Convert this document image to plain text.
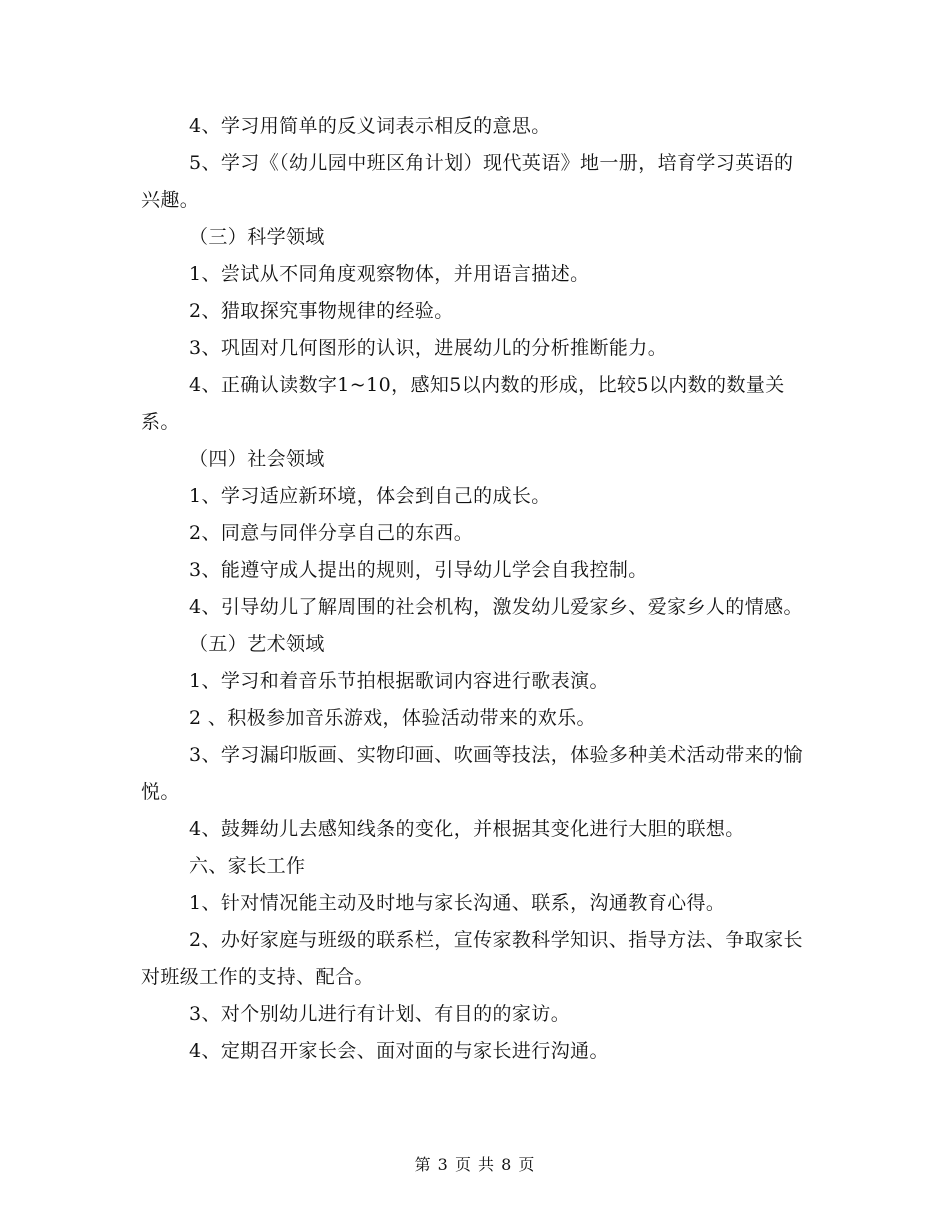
4、学习用简单的反义词表示相反的意思。

5、学习《（幼儿园中班区角计划）现代英语》地一册，培育学习英语的兴趣。

（三）科学领域

1、尝试从不同角度观察物体，并用语言描述。

2、猎取探究事物规律的经验。

3、巩固对几何图形的认识，进展幼儿的分析推断能力。

4、正确认读数字1~10，感知5以内数的形成，比较5以内数的数量关系。

（四）社会领域

1、学习适应新环境，体会到自己的成长。

2、同意与同伴分享自己的东西。

3、能遵守成人提出的规则，引导幼儿学会自我控制。

4、引导幼儿了解周围的社会机构，激发幼儿爱家乡、爱家乡人的情感。

（五）艺术领域

1、学习和着音乐节拍根据歌词内容进行歌表演。

2 、积极参加音乐游戏，体验活动带来的欢乐。

3、学习漏印版画、实物印画、吹画等技法，体验多种美术活动带来的愉悦。

4、鼓舞幼儿去感知线条的变化，并根据其变化进行大胆的联想。

六、家长工作

1、针对情况能主动及时地与家长沟通、联系，沟通教育心得。

2、办好家庭与班级的联系栏，宣传家教科学知识、指导方法、争取家长对班级工作的支持、配合。

3、对个别幼儿进行有计划、有目的的家访。

4、定期召开家长会、面对面的与家长进行沟通。

第 3 页 共 8 页
